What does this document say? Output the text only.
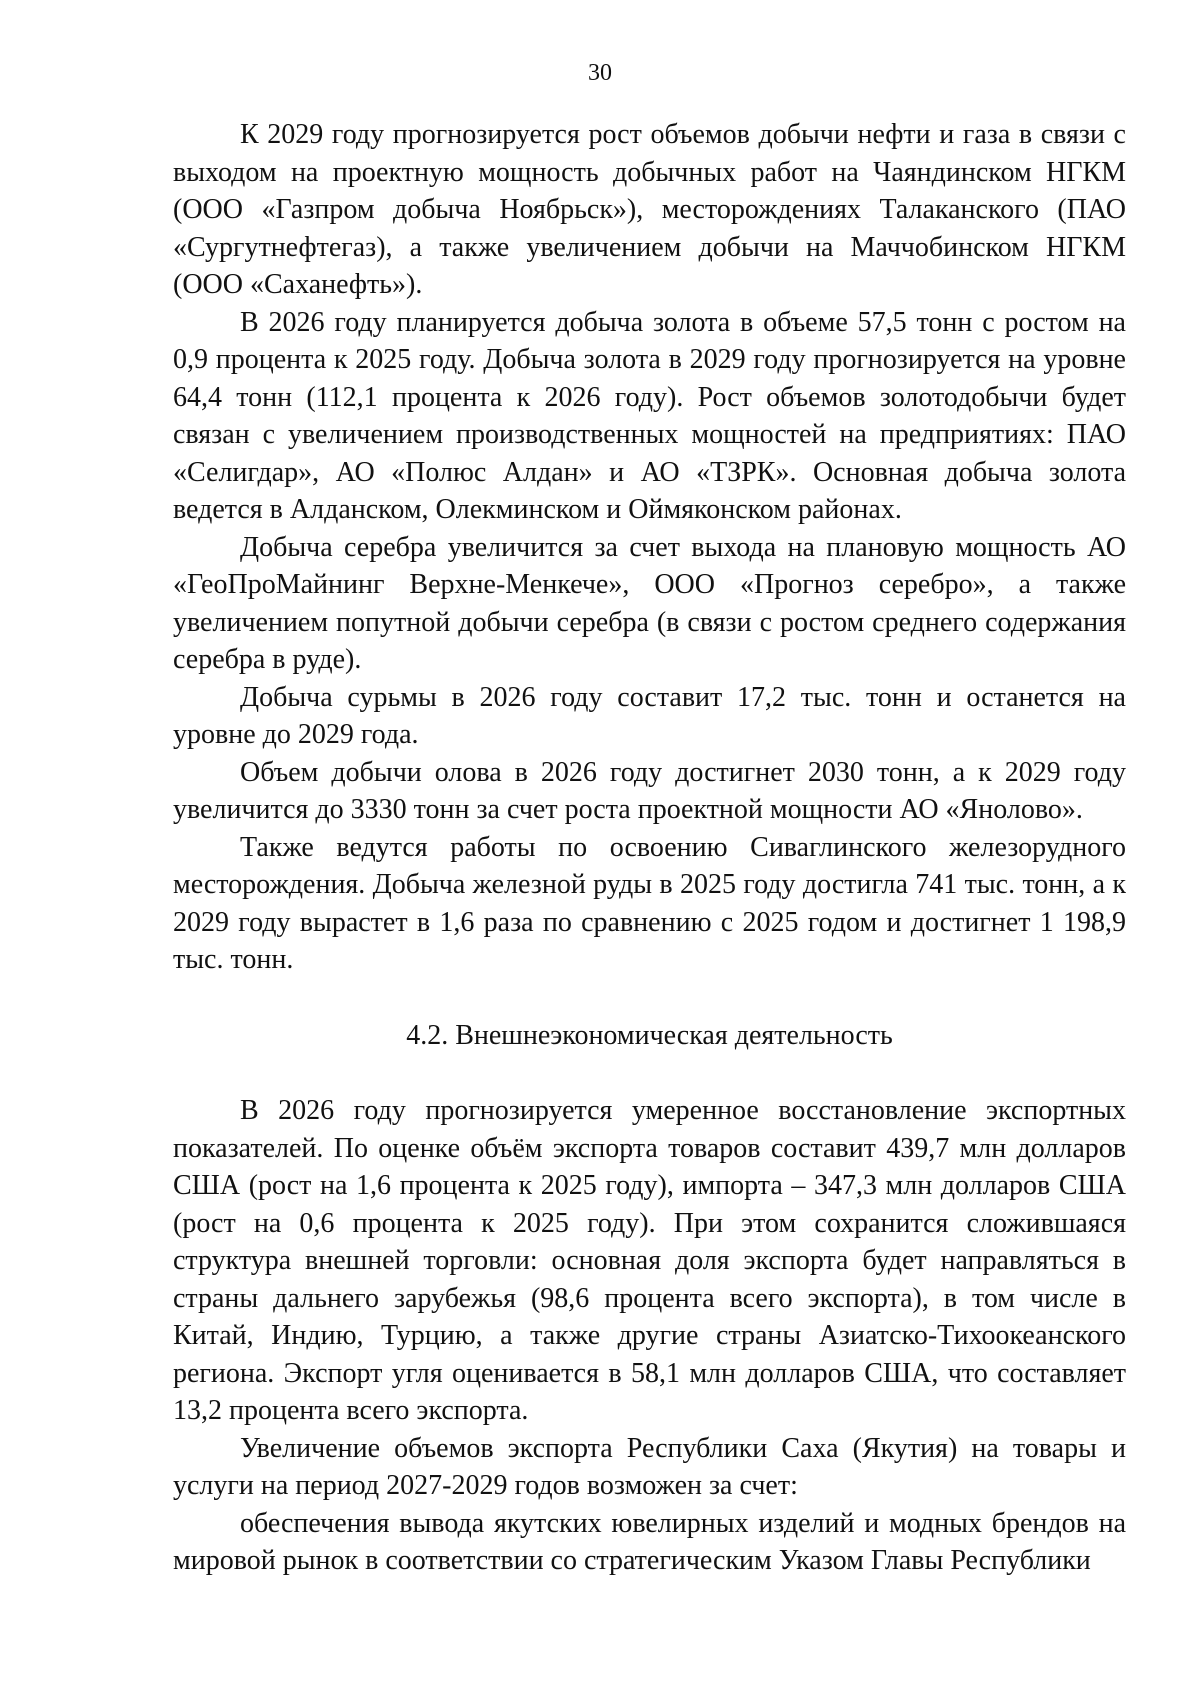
30

К 2029 году прогнозируется рост объемов добычи нефти и газа в связи с выходом на проектную мощность добычных работ на Чаяндинском НГКМ (ООО «Газпром добыча Ноябрьск»), месторождениях Талаканского (ПАО «Сургутнефтегаз), а также увеличением добычи на Маччобинском НГКМ (ООО «Саханефть»).

В 2026 году планируется добыча золота в объеме 57,5 тонн с ростом на 0,9 процента к 2025 году. Добыча золота в 2029 году прогнозируется на уровне 64,4 тонн (112,1 процента к 2026 году). Рост объемов золотодобычи будет связан с увеличением производственных мощностей на предприятиях: ПАО «Селигдар», АО «Полюс Алдан» и АО «ТЗРК». Основная добыча золота ведется в Алданском, Олекминском и Оймяконском районах.

Добыча серебра увеличится за счет выхода на плановую мощность АО «ГеоПроМайнинг Верхне-Менкече», ООО «Прогноз серебро», а также увеличением попутной добычи серебра (в связи с ростом среднего содержания серебра в руде).

Добыча сурьмы в 2026 году составит 17,2 тыс. тонн и останется на уровне до 2029 года.

Объем добычи олова в 2026 году достигнет 2030 тонн, а к 2029 году увеличится до 3330 тонн за счет роста проектной мощности АО «Янолово».

Также ведутся работы по освоению Сиваглинского железорудного месторождения. Добыча железной руды в 2025 году достигла 741 тыс. тонн, а к 2029 году вырастет в 1,6 раза по сравнению с 2025 годом и достигнет 1 198,9 тыс. тонн.

4.2. Внешнеэкономическая деятельность

В 2026 году прогнозируется умеренное восстановление экспортных показателей. По оценке объём экспорта товаров составит 439,7 млн долларов США (рост на 1,6 процента к 2025 году), импорта – 347,3 млн долларов США (рост на 0,6 процента к 2025 году). При этом сохранится сложившаяся структура внешней торговли: основная доля экспорта будет направляться в страны дальнего зарубежья (98,6 процента всего экспорта), в том числе в Китай, Индию, Турцию, а также другие страны Азиатско-Тихоокеанского региона. Экспорт угля оценивается в 58,1 млн долларов США, что составляет 13,2 процента всего экспорта.

Увеличение объемов экспорта Республики Саха (Якутия) на товары и услуги на период 2027-2029 годов возможен за счет:

обеспечения вывода якутских ювелирных изделий и модных брендов на мировой рынок в соответствии со стратегическим Указом Главы Республики
